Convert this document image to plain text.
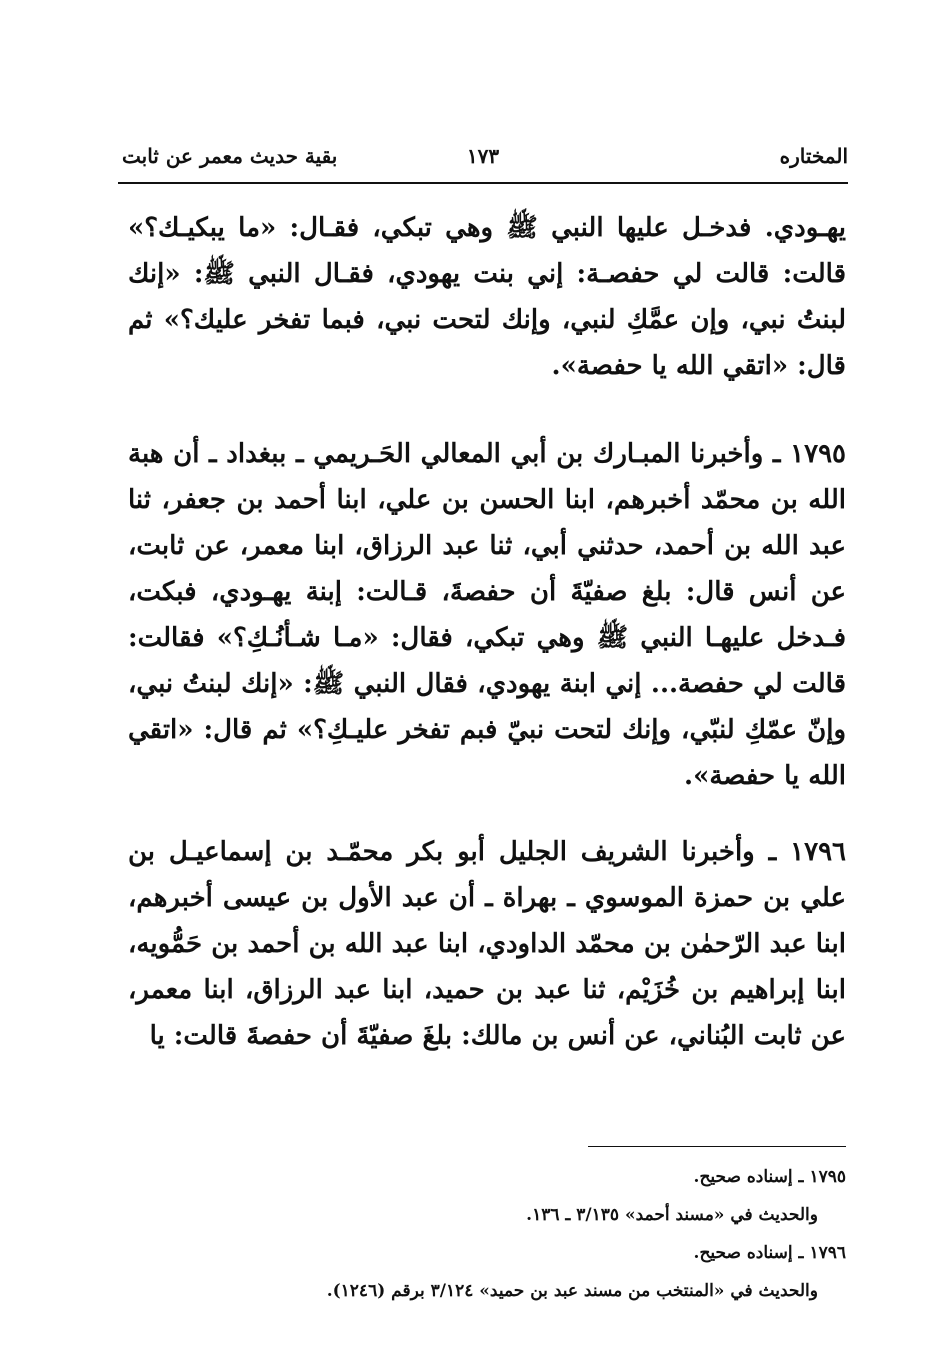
المختاره
١٧٣
بقية حديث معمر عن ثابت

يهـودي. فدخـل عليها النبي ﷺ وهي تبكي، فقـال: «ما يبكيـك؟» قالت: قالت لي حفصـة: إني بنت يهودي، فقـال النبي ﷺ: «إنك لبنتُ نبي، وإن عمَّكِ لنبي، وإنك لتحت نبي، فبما تفخر عليك؟» ثم قال: «اتقي الله يا حفصة».

١٧٩٥ ـ وأخبرنا المبـارك بن أبي المعالي الحَـريمي ـ ببغداد ـ أن هبة الله بن محمّد أخبرهم، ابنا الحسن بن علي، ابنا أحمد بن جعفر، ثنا عبد الله بن أحمد، حدثني أبي، ثنا عبد الرزاق، ابنا معمر، عن ثابت، عن أنس قال: بلغ صفيّةَ أن حفصةَ، قـالت: إبنة يهـودي، فبكت، فـدخل عليهـا النبي ﷺ وهي تبكي، فقال: «مـا شـأنُـكِ؟» فقالت: قالت لي حفصة... إني ابنة يهودي، فقال النبي ﷺ: «إنك لبنتُ نبي، وإنّ عمّكِ لنبّي، وإنك لتحت نبيّ فبم تفخر عليـكِ؟» ثم قال: «اتقي الله يا حفصة».

١٧٩٦ ـ وأخبرنا الشريف الجليل أبو بكر محمّـد بن إسماعيـل بن علي بن حمزة الموسوي ـ بهراة ـ أن عبد الأول بن عيسى أخبرهم، ابنا عبد الرّحمٰن بن محمّد الداودي، ابنا عبد الله بن أحمد بن حَمُّويه، ابنا إبراهيم بن خُزَيْم، ثنا عبد بن حميد، ابنا عبد الرزاق، ابنا معمر، عن ثابت البُناني، عن أنس بن مالك: بلغَ صفيّةَ أن حفصةَ قالت: يا

١٧٩٥ ـ إسناده صحيح.

والحديث في «مسند أحمد» ٣/١٣٥ ـ ١٣٦.

١٧٩٦ ـ إسناده صحيح.

والحديث في «المنتخب من مسند عبد بن حميد» ٣/١٢٤ برقم (١٢٤٦).
